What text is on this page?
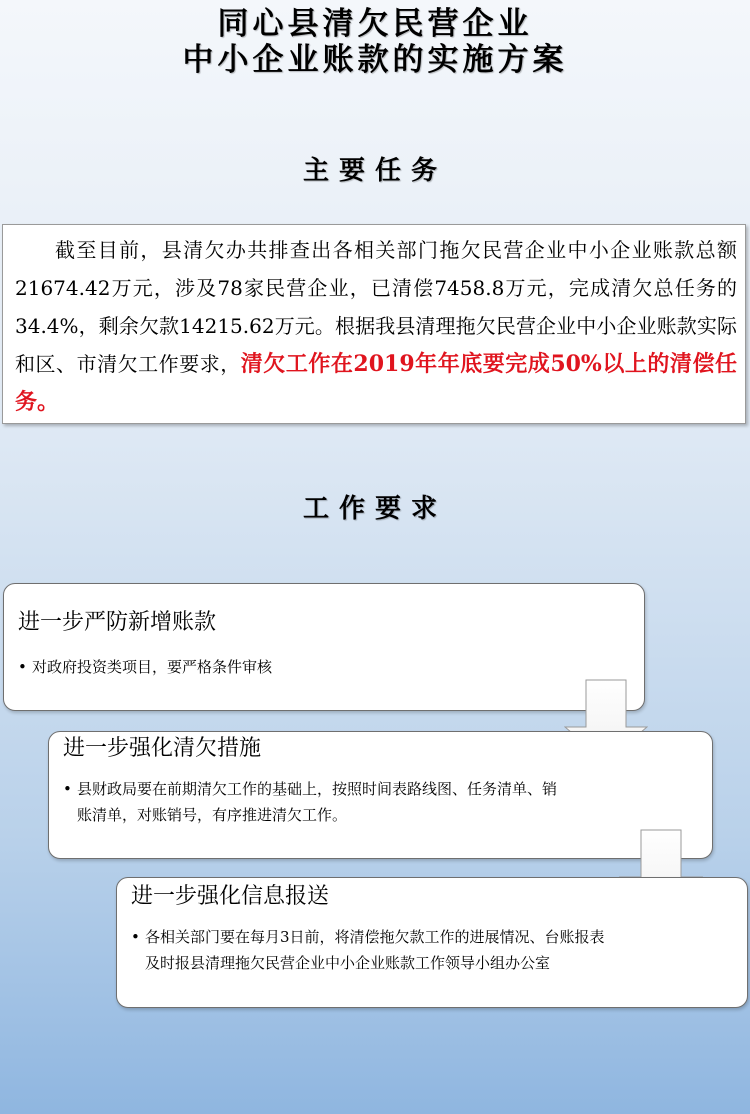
同心县清欠民营企业
中小企业账款的实施方案
主要任务
截至目前，县清欠办共排查出各相关部门拖欠民营企业中小企业账款总额21674.42万元，涉及78家民营企业，已清偿7458.8万元，完成清欠总任务的34.4%，剩余欠款14215.62万元。根据我县清理拖欠民营企业中小企业账款实际和区、市清欠工作要求，清欠工作在2019年年底要完成50%以上的清偿任务。
工作要求
进一步严防新增账款
• 对政府投资类项目，要严格条件审核
进一步强化清欠措施
• 县财政局要在前期清欠工作的基础上，按照时间表路线图、任务清单、销账清单，对账销号，有序推进清欠工作。
进一步强化信息报送
• 各相关部门要在每月3日前，将清偿拖欠款工作的进展情况、台账报表及时报县清理拖欠民营企业中小企业账款工作领导小组办公室
